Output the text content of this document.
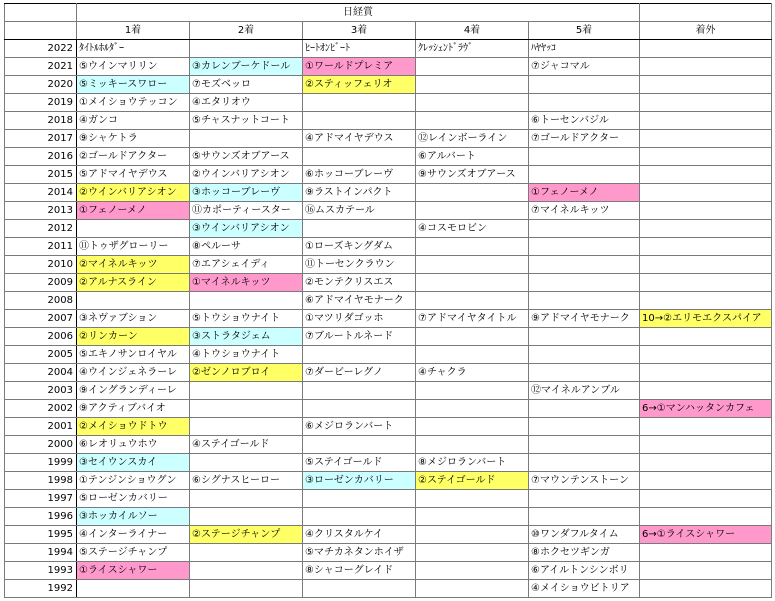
	日経賞					
	1着	2着	3着	4着	5着	着外
2022	ﾀｲﾄﾙﾎﾙﾀﾞｰ		ﾋｰﾄｵﾝﾋﾞｰﾄ	ｸﾚｯｼｪﾝﾄﾞﾗｳﾞ	ﾊﾔﾔｯｺ	
2021	⑤ウインマリリン	③カレンブーケドール	①ワールドプレミア		⑦ジャコマル	
2020	⑤ミッキースワロー	⑦モズベッロ	②スティッフェリオ			
2019	①メイショウテッコン	④エタリオウ				
2018	④ガンコ	⑤チャスナットコート			⑥トーセンバジル	
2017	⑨シャケトラ		④アドマイヤデウス	⑫レインボーライン	⑦ゴールドアクター	
2016	②ゴールドアクター	⑤サウンズオブアース		⑥アルバート		
2015	⑤アドマイヤデウス	②ウインバリアシオン	⑥ホッコーブレーヴ	⑨サウンズオブアース		
2014	②ウインバリアシオン	③ホッコーブレーヴ	⑨ラストインパクト		①フェノーメノ	
2013	①フェノーメノ	⑪カポーティースター	⑯ムスカテール		⑦マイネルキッツ	
2012		③ウインバリアシオン		④コスモロビン		
2011	⑪トゥザグローリー	⑧ペルーサ	①ローズキングダム			
2010	②マイネルキッツ	⑦エアシェイディ	⑪トーセンクラウン			
2009	②アルナスライン	①マイネルキッツ	②モンテクリスエス			
2008			⑥アドマイヤモナーク			
2007	③ネヴァブション	⑤トウショウナイト	①マツリダゴッホ	⑦アドマイヤタイトル	⑨アドマイヤモナーク	10→②エリモエクスパイア
2006	②リンカーン	③ストラタジェム	⑦ブルートルネード			
2005	⑤エキノサンロイヤル	④トウショウナイト				
2004	④ウインジェネラーレ	②ゼンノロブロイ	⑦ダービーレグノ	④チャクラ		
2003	⑨イングランディーレ				⑫マイネルアンブル	
2002	⑨アクティブバイオ					6→①マンハッタンカフェ
2001	②メイショウドトウ		⑥メジロランバート			
2000	⑥レオリュウホウ	④ステイゴールド				
1999	③セイウンスカイ		⑤ステイゴールド	⑧メジロランバート		
1998	①テンジンショウグン	⑥シグナスヒーロー	③ローゼンカバリー	②ステイゴールド	⑦マウンテンストーン	
1997	⑤ローゼンカバリー					
1996	③ホッカイルソー					
1995	④インターライナー	②ステージチャンプ	④クリスタルケイ		⑩ワンダフルタイム	6→①ライスシャワー
1994	⑤ステージチャンプ		⑤マチカネタンホイザ		⑧ホクセツギンガ	
1993	①ライスシャワー		⑧シャコーグレイド		⑥アイルトンシンボリ	
1992					④メイショウビトリア	
